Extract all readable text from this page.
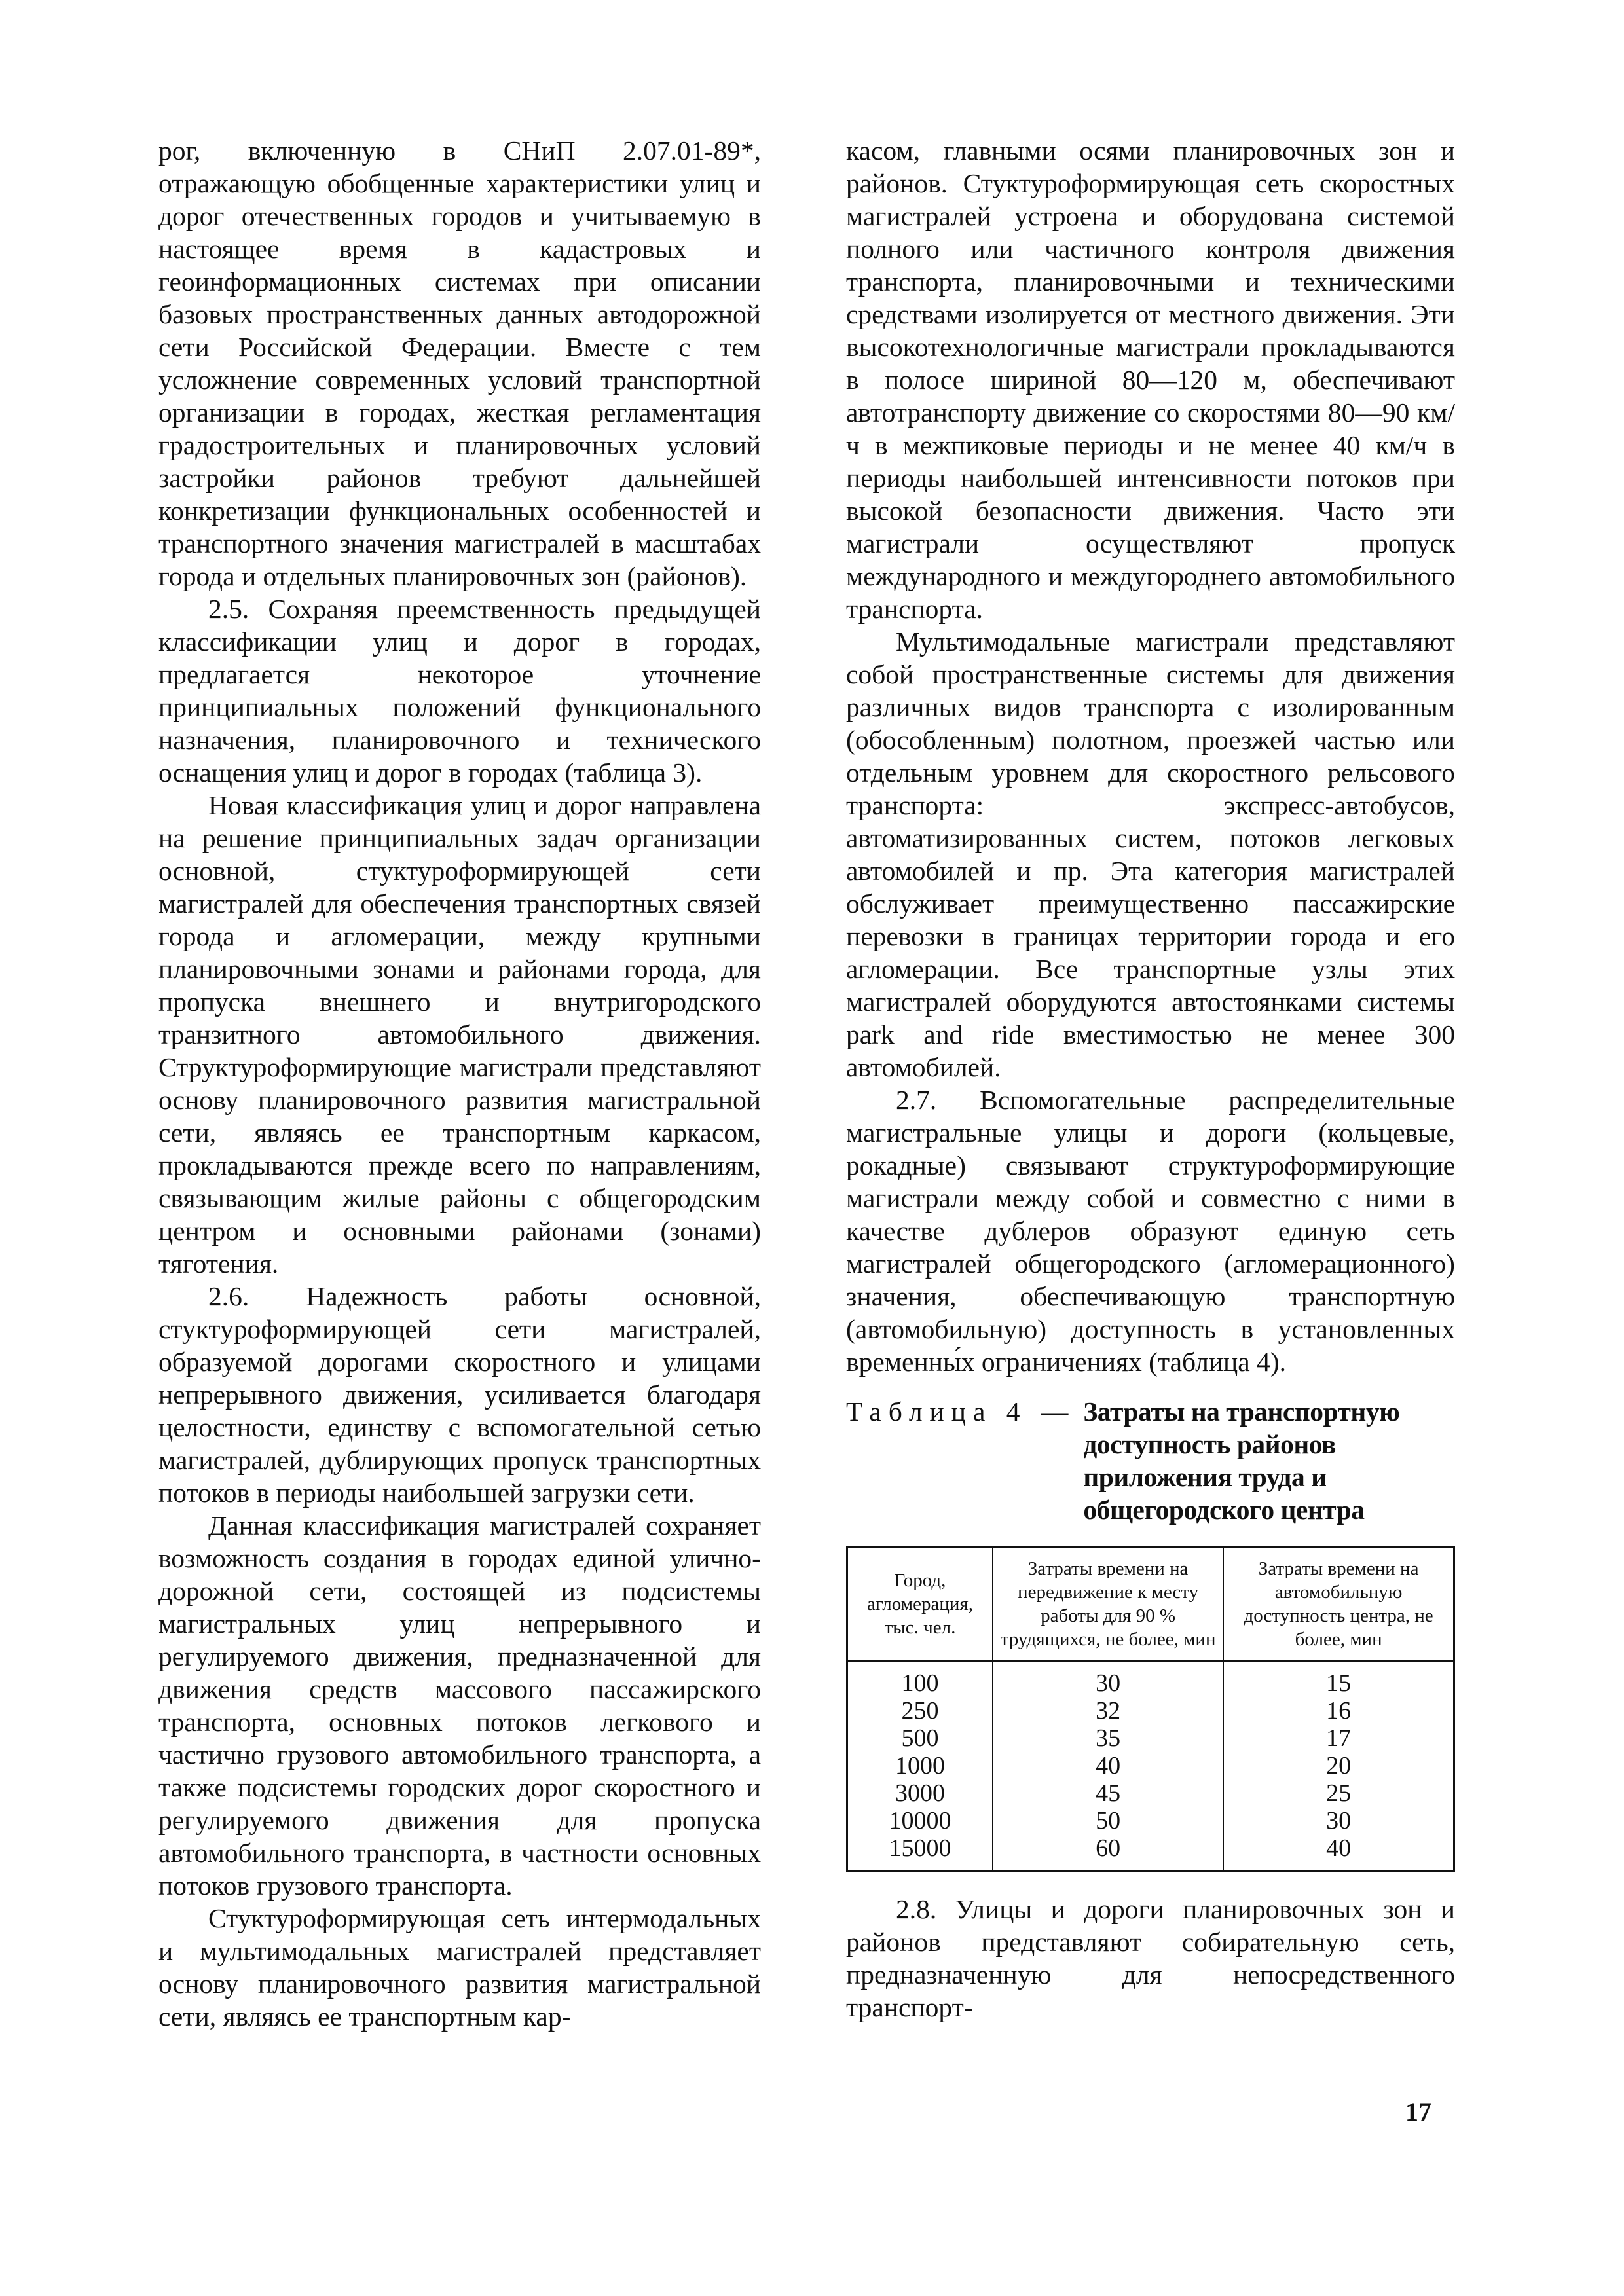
рог, включенную в СНиП 2.07.01-89*, отражающую обобщенные характеристики улиц и дорог отечественных городов и учитываемую в настоящее время в кадастровых и геоинформационных системах при описании базовых пространственных данных автодорожной сети Российской Федерации. Вместе с тем усложнение современных условий транспортной организации в городах, жесткая регламентация градостроительных и планировочных условий застройки районов требуют дальнейшей конкретизации функциональных особенностей и транспортного значения магистралей в масштабах города и отдельных планировочных зон (районов).

2.5. Сохраняя преемственность предыдущей классификации улиц и дорог в городах, предлагается некоторое уточнение принципиальных положений функционального назначения, планировочного и технического оснащения улиц и дорог в городах (таблица 3).

Новая классификация улиц и дорог направлена на решение принципиальных задач организации основной, стуктуроформирующей сети магистралей для обеспечения транспортных связей города и агломерации, между крупными планировочными зонами и районами города, для пропуска внешнего и внутригородского транзитного автомобильного движения. Структуроформирующие магистрали представляют основу планировочного развития магистральной сети, являясь ее транспортным каркасом, прокладываются прежде всего по направлениям, связывающим жилые районы с общегородским центром и основными районами (зонами) тяготения.

2.6. Надежность работы основной, стуктуроформирующей сети магистралей, образуемой дорогами скоростного и улицами непрерывного движения, усиливается благодаря целостности, единству с вспомогательной сетью магистралей, дублирующих пропуск транспортных потоков в периоды наибольшей загрузки сети.

Данная классификация магистралей сохраняет возможность создания в городах единой улично-дорожной сети, состоящей из подсистемы магистральных улиц непрерывного и регулируемого движения, предназначенной для движения средств массового пассажирского транспорта, основных потоков легкового и частично грузового автомобильного транспорта, а также подсистемы городских дорог скоростного и регулируемого движения для пропуска автомобильного транспорта, в частности основных потоков грузового транспорта.

Стуктуроформирующая сеть интермодальных и мультимодальных магистралей представляет основу планировочного развития магистральной сети, являясь ее транспортным кар-

касом, главными осями планировочных зон и районов. Стуктуроформирующая сеть скоростных магистралей устроена и оборудована системой полного или частичного контроля движения транспорта, планировочными и техническими средствами изолируется от местного движения. Эти высокотехнологичные магистрали прокладываются в полосе шириной 80—120 м, обеспечивают автотранспорту движение со скоростями 80—90 км/ч в межпиковые периоды и не менее 40 км/ч в периоды наибольшей интенсивности потоков при высокой безопасности движения. Часто эти магистрали осуществляют пропуск международного и междугороднего автомобильного транспорта.

Мультимодальные магистрали представляют собой пространственные системы для движения различных видов транспорта с изолированным (обособленным) полотном, проезжей частью или отдельным уровнем для скоростного рельсового транспорта: экспресс-автобусов, автоматизированных систем, потоков легковых автомобилей и пр. Эта категория магистралей обслуживает преимущественно пассажирские перевозки в границах территории города и его агломерации. Все транспортные узлы этих магистралей оборудуются автостоянками системы park and ride вместимостью не менее 300 автомобилей.

2.7. Вспомогательные распределительные магистральные улицы и дороги (кольцевые, рокадные) связывают структуроформирующие магистрали между собой и совместно с ними в качестве дублеров образуют единую сеть магистралей общегородского (агломерационного) значения, обеспечивающую транспортную (автомобильную) доступность в установленных временны́х ограничениях (таблица 4).

Таблица 4 — Затраты на транспортную доступность районов приложения труда и общегородского центра
Город, агломерация, тыс. чел.	Затраты времени на передвижение к месту работы для 90 % трудящихся, не более, мин	Затраты времени на автомобильную доступность центра, не более, мин
100	30	15
250	32	16
500	35	17
1000	40	20
3000	45	25
10000	50	30
15000	60	40

2.8. Улицы и дороги планировочных зон и районов представляют собирательную сеть, предназначенную для непосредственного транспорт-

17
